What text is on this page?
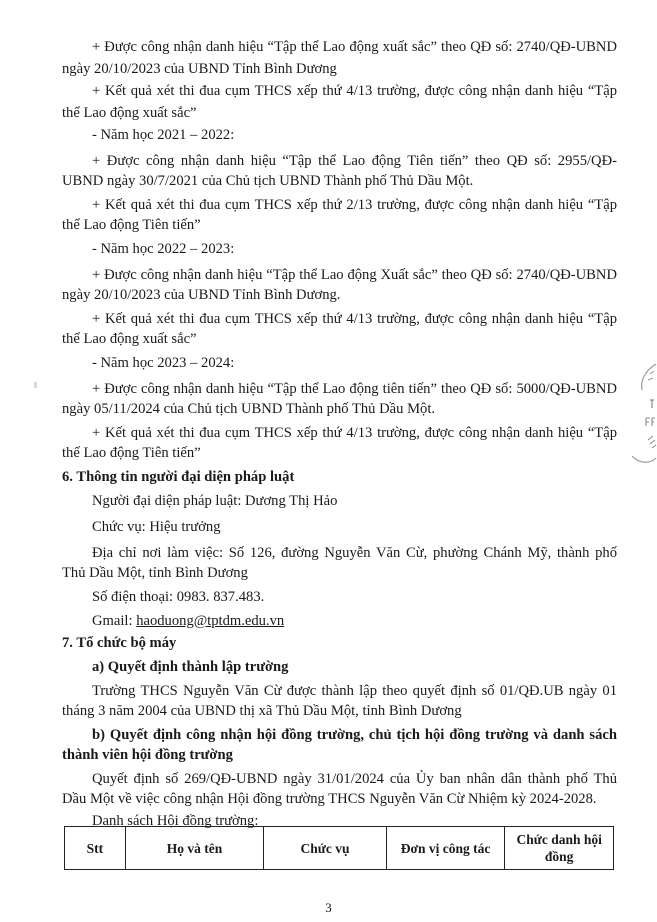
+ Được công nhận danh hiệu “Tập thể Lao động xuất sắc” theo QĐ số: 2740/QĐ-UBND
ngày 20/10/2023 của UBND Tỉnh Bình Dương
+ Kết quả xét thi đua cụm THCS xếp thứ 4/13 trường, được công nhận danh hiệu “Tập
thể Lao động xuất sắc”
- Năm học 2021 – 2022:
+ Được công nhận danh hiệu “Tập thể Lao động Tiên tiến” theo QĐ số: 2955/QĐ-
UBND ngày 30/7/2021 của Chủ tịch UBND Thành phố Thủ Dầu Một.
+ Kết quả xét thi đua cụm THCS xếp thứ 2/13 trường, được công nhận danh hiệu “Tập
thể Lao động Tiên tiến”
- Năm học 2022 – 2023:
+ Được công nhận danh hiệu “Tập thể Lao động Xuất sắc” theo QĐ số: 2740/QĐ-UBND
ngày 20/10/2023 của UBND Tỉnh Bình Dương.
+ Kết quả xét thi đua cụm THCS xếp thứ 4/13 trường, được công nhận danh hiệu “Tập
thể Lao động xuất sắc”
- Năm học 2023 – 2024:
+ Được công nhận danh hiệu “Tập thể Lao động tiên tiến” theo QĐ số: 5000/QĐ-UBND
ngày 05/11/2024 của Chủ tịch UBND Thành phố Thủ Dầu Một.
+ Kết quả xét thi đua cụm THCS xếp thứ 4/13 trường, được công nhận danh hiệu “Tập
thể Lao động Tiên tiến”
6. Thông tin người đại diện pháp luật
Người đại diện pháp luật: Dương Thị Hảo
Chức vụ: Hiệu trưởng
Địa chỉ nơi làm việc: Số 126, đường Nguyễn Văn Cừ, phường Chánh Mỹ, thành phố
Thủ Dầu Một, tỉnh Bình Dương
Số điện thoại: 0983. 837.483.
Gmail: haoduong@tptdm.edu.vn
7. Tổ chức bộ máy
a) Quyết định thành lập trường
Trường THCS Nguyễn Văn Cừ được thành lập theo quyết định số 01/QĐ.UB ngày 01
tháng 3 năm 2004 của UBND thị xã Thủ Dầu Một, tỉnh Bình Dương
b) Quyết định công nhận hội đồng trường, chủ tịch hội đồng trường và danh sách
thành viên hội đồng trường
Quyết định số 269/QĐ-UBND ngày 31/01/2024 của Ủy ban nhân dân thành phố Thủ
Dầu Một về việc công nhận Hội đồng trường THCS Nguyễn Văn Cừ Nhiệm kỳ 2024-2028.
Danh sách Hội đồng trường:
Stt	Họ và tên	Chức vụ	Đơn vị công tác	Chức danh hội đồng
3
